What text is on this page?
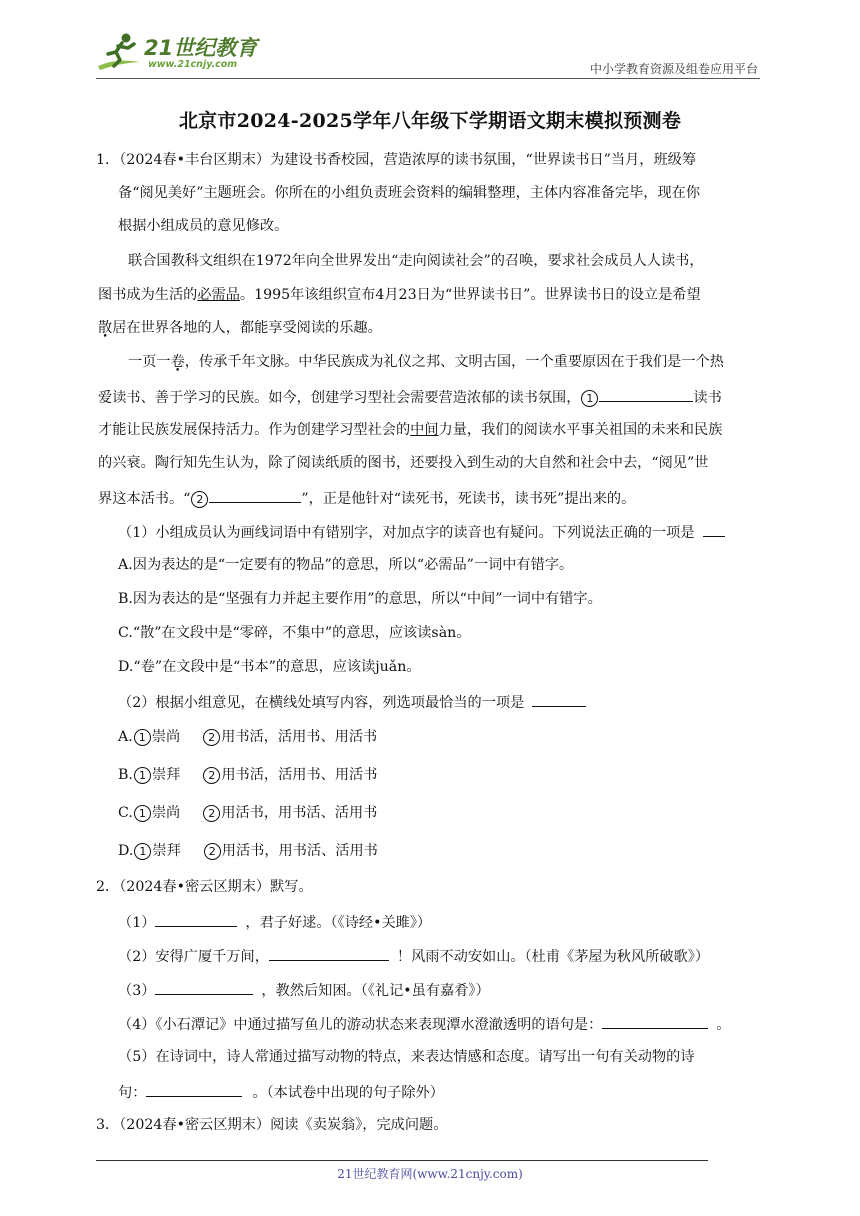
21世纪教育
www.21cnjy.com	中小学教育资源及组卷应用平台
北京市2024-2025学年八年级下学期语文期末模拟预测卷
1．（2024春•丰台区期末）为建设书香校园，营造浓厚的读书氛围，“世界读书日”当月，班级筹
备“阅见美好”主题班会。你所在的小组负责班会资料的编辑整理，主体内容准备完毕，现在你
根据小组成员的意见修改。
联合国教科文组织在1972年向全世界发出“走向阅读社会”的召唤，要求社会成员人人读书，
图书成为生活的必需品。1995年该组织宣布4月23日为“世界读书日”。世界读书日的设立是希望
散居在世界各地的人，都能享受阅读的乐趣。
一页一卷，传承千年文脉。中华民族成为礼仪之邦、文明古国，一个重要原因在于我们是一个热
爱读书、善于学习的民族。如今，创建学习型社会需要营造浓郁的读书氛围， 1	读书
才能让民族发展保持活力。作为创建学习型社会的中间力量，我们的阅读水平事关祖国的未来和民族
的兴衰。陶行知先生认为，除了阅读纸质的图书，还要投入到生动的大自然和社会中去，“阅见”世
界这本活书。“ 2	”，正是他针对“读死书，死读书，读书死”提出来的。
（1）小组成员认为画线词语中有错别字，对加点字的读音也有疑问。下列说法正确的一项是
A.因为表达的是“一定要有的物品”的意思，所以“必需品”一词中有错字。
B.因为表达的是“坚强有力并起主要作用”的意思，所以“中间”一词中有错字。
C.“散”在文段中是“零碎，不集中”的意思，应该读sàn。
D.“卷”在文段中是“书本”的意思，应该读juǎn。
（2）根据小组意见，在横线处填写内容，列选项最恰当的一项是
A. 1 崇尚	2 用书活，活用书、用活书
B. 1 崇拜	2 用书活，活用书、用活书
C. 1 崇尚	2 用活书，用书活、活用书
D. 1 崇拜	2 用活书，用书活、活用书
2．（2024春•密云区期末）默写。
（1）	，君子好逑。（《诗经•关雎》）
（2）安得广厦千万间，	！风雨不动安如山。（杜甫《茅屋为秋风所破歌》）
（3）	，教然后知困。（《礼记•虽有嘉肴》）
（4）《小石潭记》中通过描写鱼儿的游动状态来表现潭水澄澈透明的语句是：	。
（5）在诗词中，诗人常通过描写动物的特点，来表达情感和态度。请写出一句有关动物的诗
句：	。（本试卷中出现的句子除外）
3．（2024春•密云区期末）阅读《卖炭翁》，完成问题。
21世纪教育网(www.21cnjy.com)
